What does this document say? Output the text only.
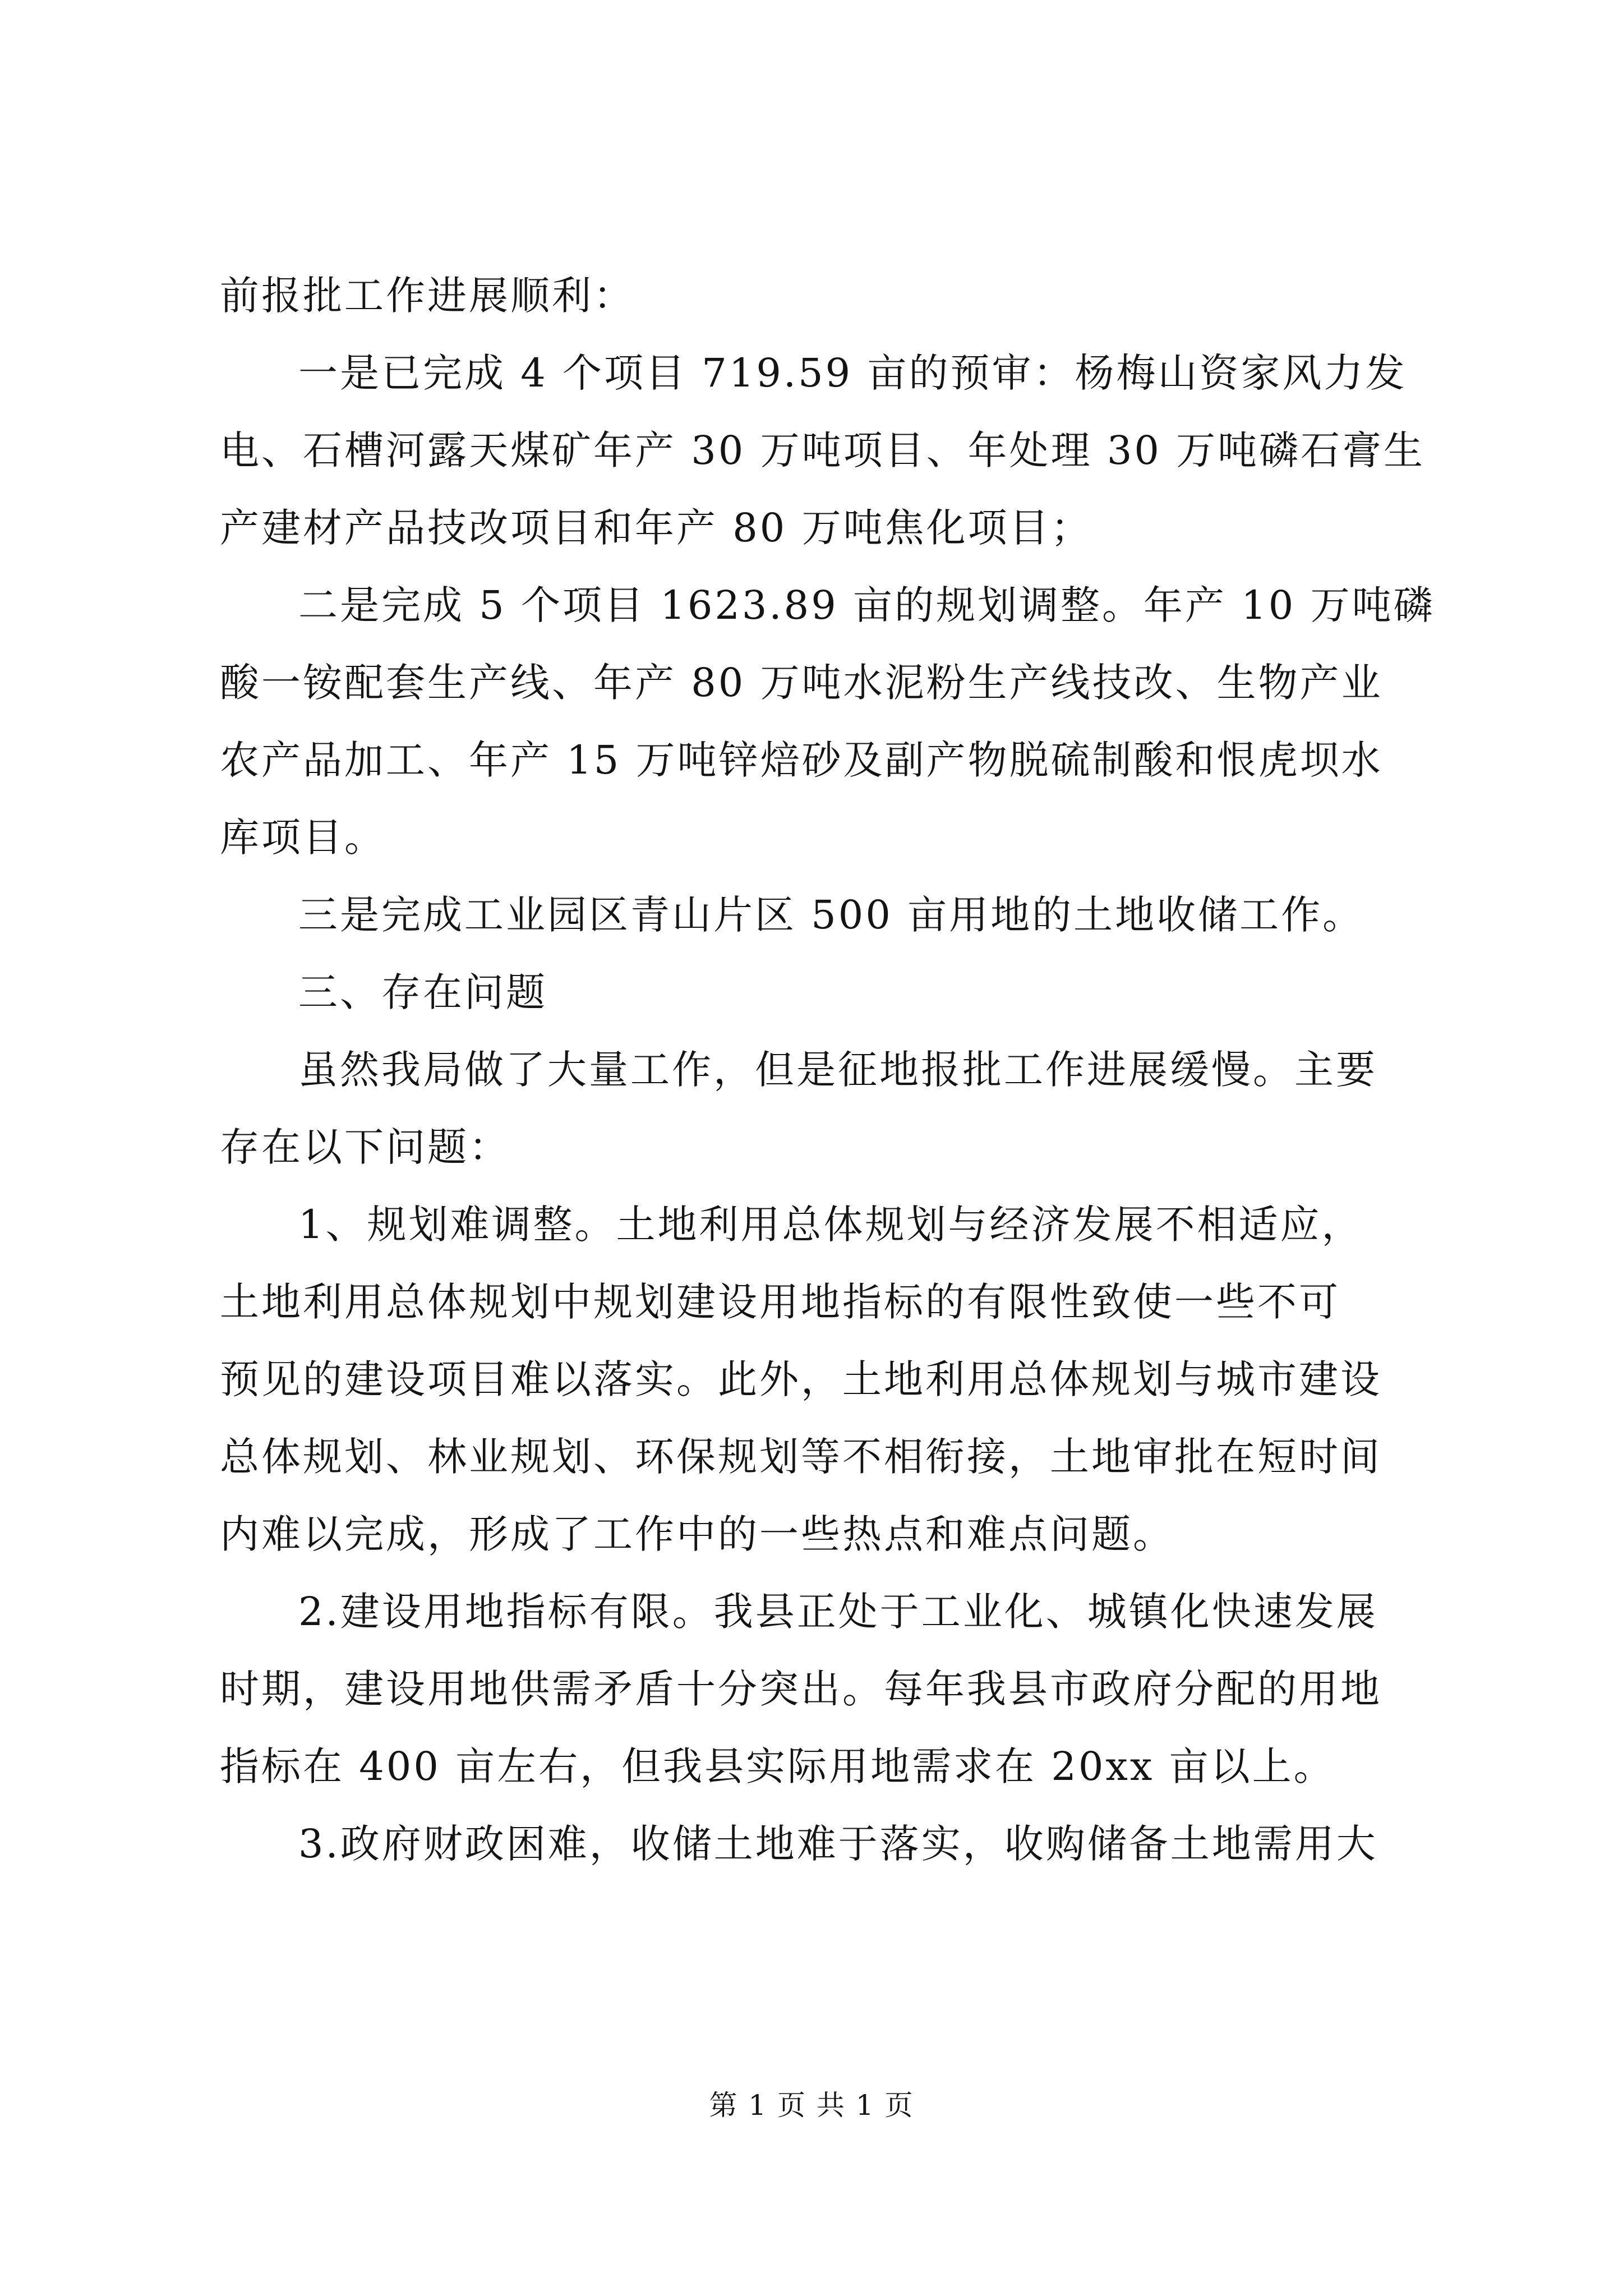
前报批工作进展顺利：
一是已完成 4 个项目 719.59 亩的预审：杨梅山资家风力发
电、石槽河露天煤矿年产 30 万吨项目、年处理 30 万吨磷石膏生
产建材产品技改项目和年产 80 万吨焦化项目；
二是完成 5 个项目 1623.89 亩的规划调整。年产 10 万吨磷
酸一铵配套生产线、年产 80 万吨水泥粉生产线技改、生物产业
农产品加工、年产 15 万吨锌焙砂及副产物脱硫制酸和恨虎坝水
库项目。
三是完成工业园区青山片区 500 亩用地的土地收储工作。
三、存在问题
虽然我局做了大量工作，但是征地报批工作进展缓慢。主要
存在以下问题：
1、规划难调整。土地利用总体规划与经济发展不相适应，
土地利用总体规划中规划建设用地指标的有限性致使一些不可
预见的建设项目难以落实。此外，土地利用总体规划与城市建设
总体规划、林业规划、环保规划等不相衔接，土地审批在短时间
内难以完成，形成了工作中的一些热点和难点问题。
2.建设用地指标有限。我县正处于工业化、城镇化快速发展
时期，建设用地供需矛盾十分突出。每年我县市政府分配的用地
指标在 400 亩左右，但我县实际用地需求在 20xx 亩以上。
3.政府财政困难，收储土地难于落实，收购储备土地需用大
第 1 页 共 1 页
